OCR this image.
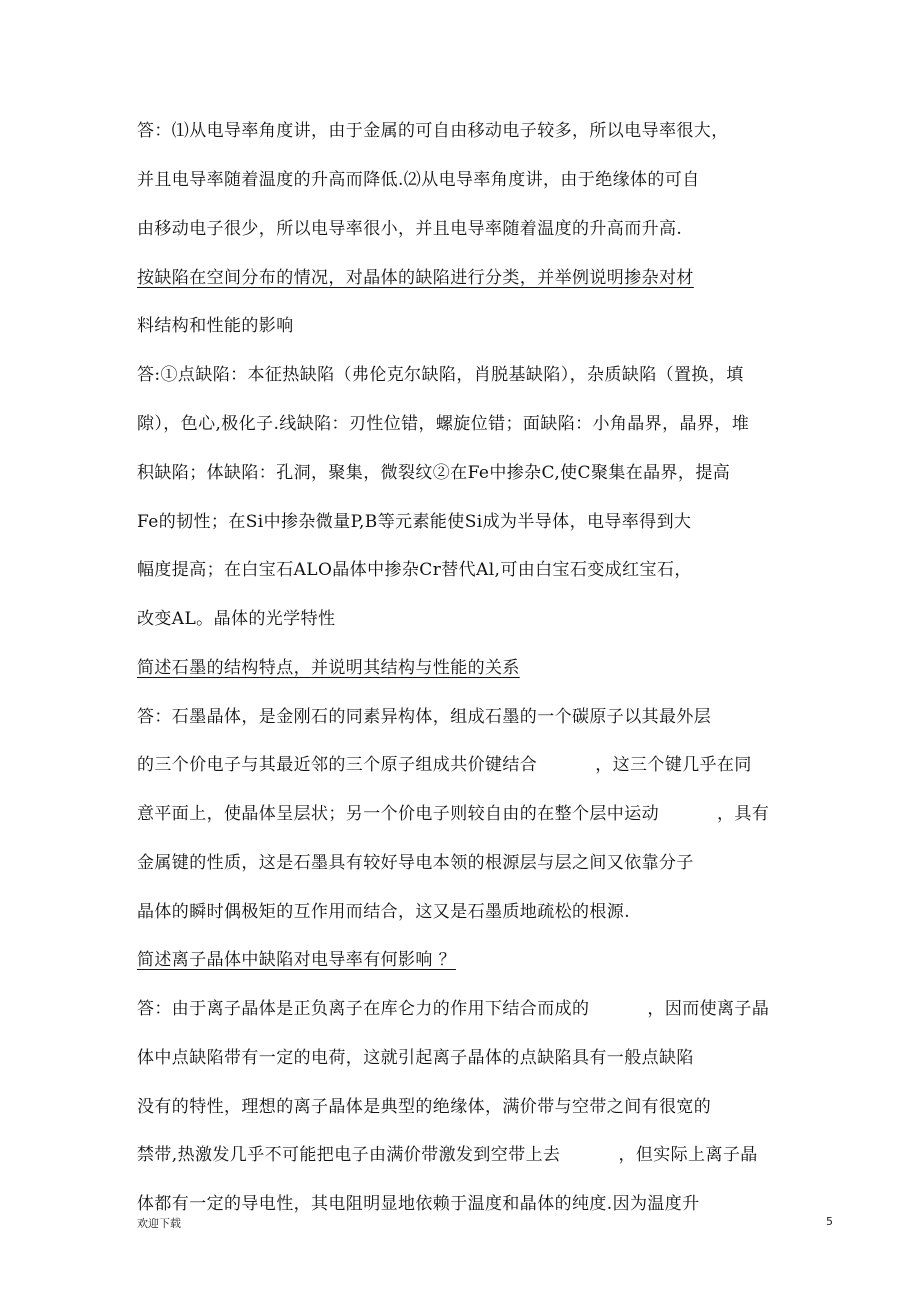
答：⑴从电导率角度讲，由于金属的可自由移动电子较多，所以电导率很大，
并且电导率随着温度的升高而降低.⑵从电导率角度讲，由于绝缘体的可自
由移动电子很少，所以电导率很小，并且电导率随着温度的升高而升高.
按缺陷在空间分布的情况，对晶体的缺陷进行分类，并举例说明掺杂对材
料结构和性能的影响
答:①点缺陷：本征热缺陷（弗伦克尔缺陷，肖脱基缺陷），杂质缺陷（置换，填
隙），色心,极化子.线缺陷：刃性位错，螺旋位错；面缺陷：小角晶界，晶界，堆
积缺陷；体缺陷：孔洞，聚集，微裂纹②在Fe中掺杂C,使C聚集在晶界，提高
Fe的韧性；在Si中掺杂微量P,B等元素能使Si成为半导体，电导率得到大
幅度提高；在白宝石ALO晶体中掺杂Cr替代Al,可由白宝石变成红宝石，
改变AL。晶体的光学特性
简述石墨的结构特点，并说明其结构与性能的关系
答：石墨晶体，是金刚石的同素异构体，组成石墨的一个碳原子以其最外层
的三个价电子与其最近邻的三个原子组成共价键结合          ，这三个键几乎在同
意平面上，使晶体呈层状；另一个价电子则较自由的在整个层中运动          ，具有
金属键的性质，这是石墨具有较好导电本领的根源层与层之间又依靠分子
晶体的瞬时偶极矩的互作用而结合，这又是石墨质地疏松的根源.
简述离子晶体中缺陷对电导率有何影响 ？
答：由于离子晶体是正负离子在库仑力的作用下结合而成的          ，因而使离子晶
体中点缺陷带有一定的电荷，这就引起离子晶体的点缺陷具有一般点缺陷
没有的特性，理想的离子晶体是典型的绝缘体，满价带与空带之间有很宽的
禁带,热激发几乎不可能把电子由满价带激发到空带上去          ，但实际上离子晶
体都有一定的导电性，其电阻明显地依赖于温度和晶体的纯度.因为温度升
欢迎下载	5
